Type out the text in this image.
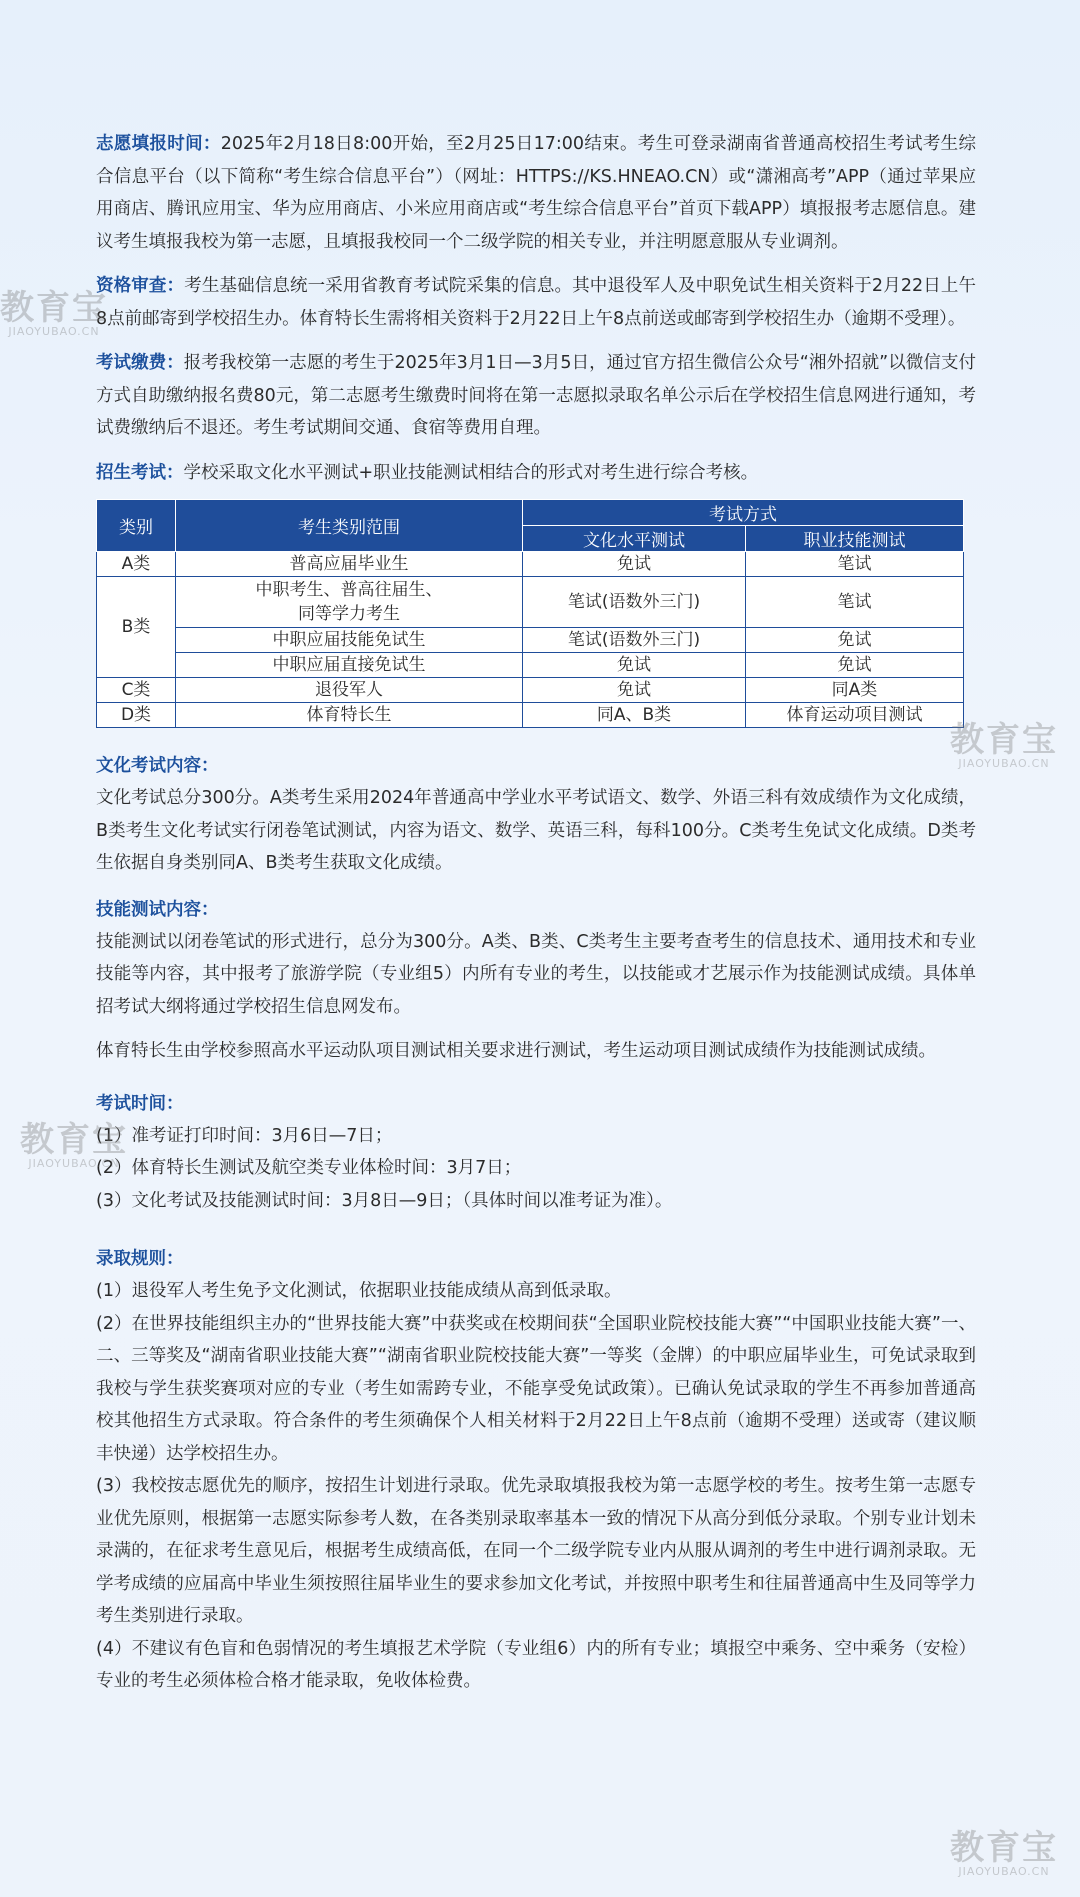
志愿填报时间：2025年2月18日8:00开始，至2月25日17:00结束。考生可登录湖南省普通高校招生考试考生综合信息平台（以下简称“考生综合信息平台”）（网址：HTTPS://KS.HNEAO.CN）或“潇湘高考”APP（通过苹果应用商店、腾讯应用宝、华为应用商店、小米应用商店或“考生综合信息平台”首页下载APP）填报报考志愿信息。建议考生填报我校为第一志愿，且填报我校同一个二级学院的相关专业，并注明愿意服从专业调剂。

资格审查：考生基础信息统一采用省教育考试院采集的信息。其中退役军人及中职免试生相关资料于2月22日上午8点前邮寄到学校招生办。体育特长生需将相关资料于2月22日上午8点前送或邮寄到学校招生办（逾期不受理）。

考试缴费：报考我校第一志愿的考生于2025年3月1日—3月5日，通过官方招生微信公众号“湘外招就”以微信支付方式自助缴纳报名费80元，第二志愿考生缴费时间将在第一志愿拟录取名单公示后在学校招生信息网进行通知，考试费缴纳后不退还。考生考试期间交通、食宿等费用自理。

招生考试：学校采取文化水平测试+职业技能测试相结合的形式对考生进行综合考核。

类别	考生类别范围	考试方式	
		文化水平测试	职业技能测试
A类	普高应届毕业生	免试	笔试
B类	中职考生、普高往届生、同等学力考生	笔试(语数外三门)	笔试
	中职应届技能免试生	笔试(语数外三门)	免试
	中职应届直接免试生	免试	免试
C类	退役军人	免试	同A类
D类	体育特长生	同A、B类	体育运动项目测试

文化考试内容：

文化考试总分300分。A类考生采用2024年普通高中学业水平考试语文、数学、外语三科有效成绩作为文化成绩，B类考生文化考试实行闭卷笔试测试，内容为语文、数学、英语三科，每科100分。C类考生免试文化成绩。D类考生依据自身类别同A、B类考生获取文化成绩。

技能测试内容：

技能测试以闭卷笔试的形式进行，总分为300分。A类、B类、C类考生主要考查考生的信息技术、通用技术和专业技能等内容，其中报考了旅游学院（专业组5）内所有专业的考生，以技能或才艺展示作为技能测试成绩。具体单招考试大纲将通过学校招生信息网发布。

体育特长生由学校参照高水平运动队项目测试相关要求进行测试，考生运动项目测试成绩作为技能测试成绩。

考试时间：

(1）准考证打印时间：3月6日—7日；

(2）体育特长生测试及航空类专业体检时间：3月7日；

(3）文化考试及技能测试时间：3月8日—9日；（具体时间以准考证为准）。

录取规则：

(1）退役军人考生免予文化测试，依据职业技能成绩从高到低录取。

(2）在世界技能组织主办的“世界技能大赛”中获奖或在校期间获“全国职业院校技能大赛”“中国职业技能大赛”一、二、三等奖及“湖南省职业技能大赛”“湖南省职业院校技能大赛”一等奖（金牌）的中职应届毕业生，可免试录取到我校与学生获奖赛项对应的专业（考生如需跨专业，不能享受免试政策）。已确认免试录取的学生不再参加普通高校其他招生方式录取。符合条件的考生须确保个人相关材料于2月22日上午8点前（逾期不受理）送或寄（建议顺丰快递）达学校招生办。

(3）我校按志愿优先的顺序，按招生计划进行录取。优先录取填报我校为第一志愿学校的考生。按考生第一志愿专业优先原则，根据第一志愿实际参考人数，在各类别录取率基本一致的情况下从高分到低分录取。个别专业计划未录满的，在征求考生意见后，根据考生成绩高低，在同一个二级学院专业内从服从调剂的考生中进行调剂录取。无学考成绩的应届高中毕业生须按照往届毕业生的要求参加文化考试，并按照中职考生和往届普通高中生及同等学力考生类别进行录取。

(4）不建议有色盲和色弱情况的考生填报艺术学院（专业组6）内的所有专业；填报空中乘务、空中乘务（安检）专业的考生必须体检合格才能录取，免收体检费。

教育宝
JIAOYUBAO.CN
教育宝
JIAOYUBAO.CN
教育宝
JIAOYUBAO.CN
教育宝
JIAOYUBAO.CN
